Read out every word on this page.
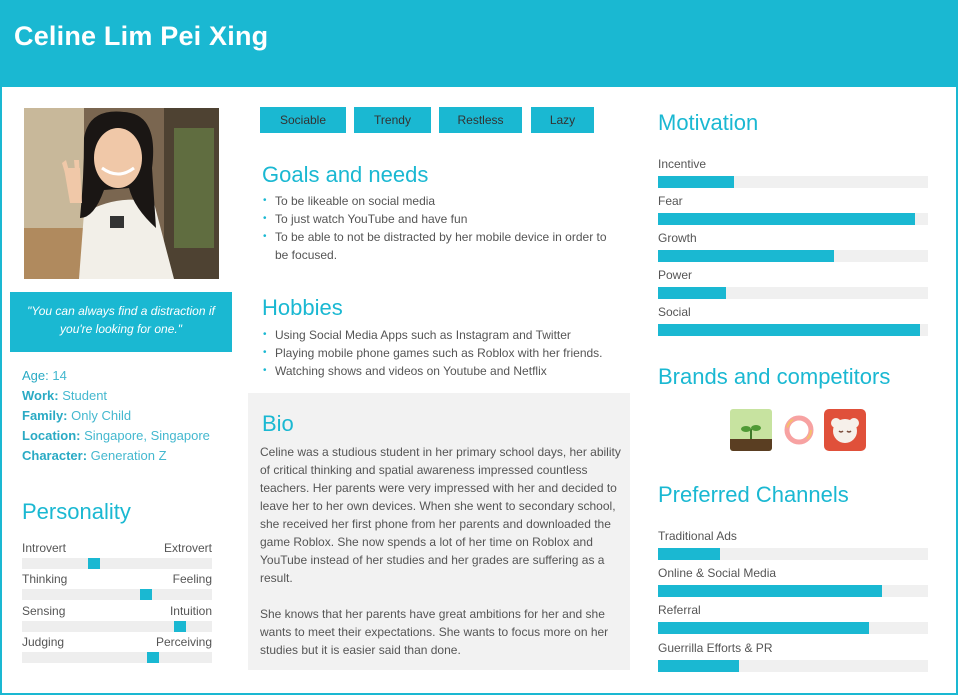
Celine Lim Pei Xing
"You can always find a distraction if you're looking for one."
Age: 14
Work: Student
Family: Only Child
Location: Singapore, Singapore
Character: Generation Z
Personality
Introvert	Extrovert
Thinking	Feeling
Sensing	Intuition
Judging	Perceiving
Sociable	Trendy	Restless	Lazy
Goals and needs
• To be likeable on social media
• To just watch YouTube and have fun
• To be able to not be distracted by her mobile device in order to be focused.
Hobbies
• Using Social Media Apps such as Instagram and Twitter
• Playing mobile phone games such as Roblox with her friends.
• Watching shows and videos on Youtube and Netflix
Bio

Celine was a studious student in her primary school days, her ability of critical thinking and spatial awareness impressed countless teachers. Her parents were very impressed with her and decided to leave her to her own devices. When she went to secondary school, she received her first phone from her parents and downloaded the game Roblox. She now spends a lot of her time on Roblox and YouTube instead of her studies and her grades are suffering as a result.

She knows that her parents have great ambitions for her and she wants to meet their expectations. She wants to focus more on her studies but it is easier said than done.

Motivation
Incentive
Fear
Growth
Power
Social
Brands and competitors
Preferred Channels
Traditional Ads
Online & Social Media
Referral
Guerrilla Efforts & PR
